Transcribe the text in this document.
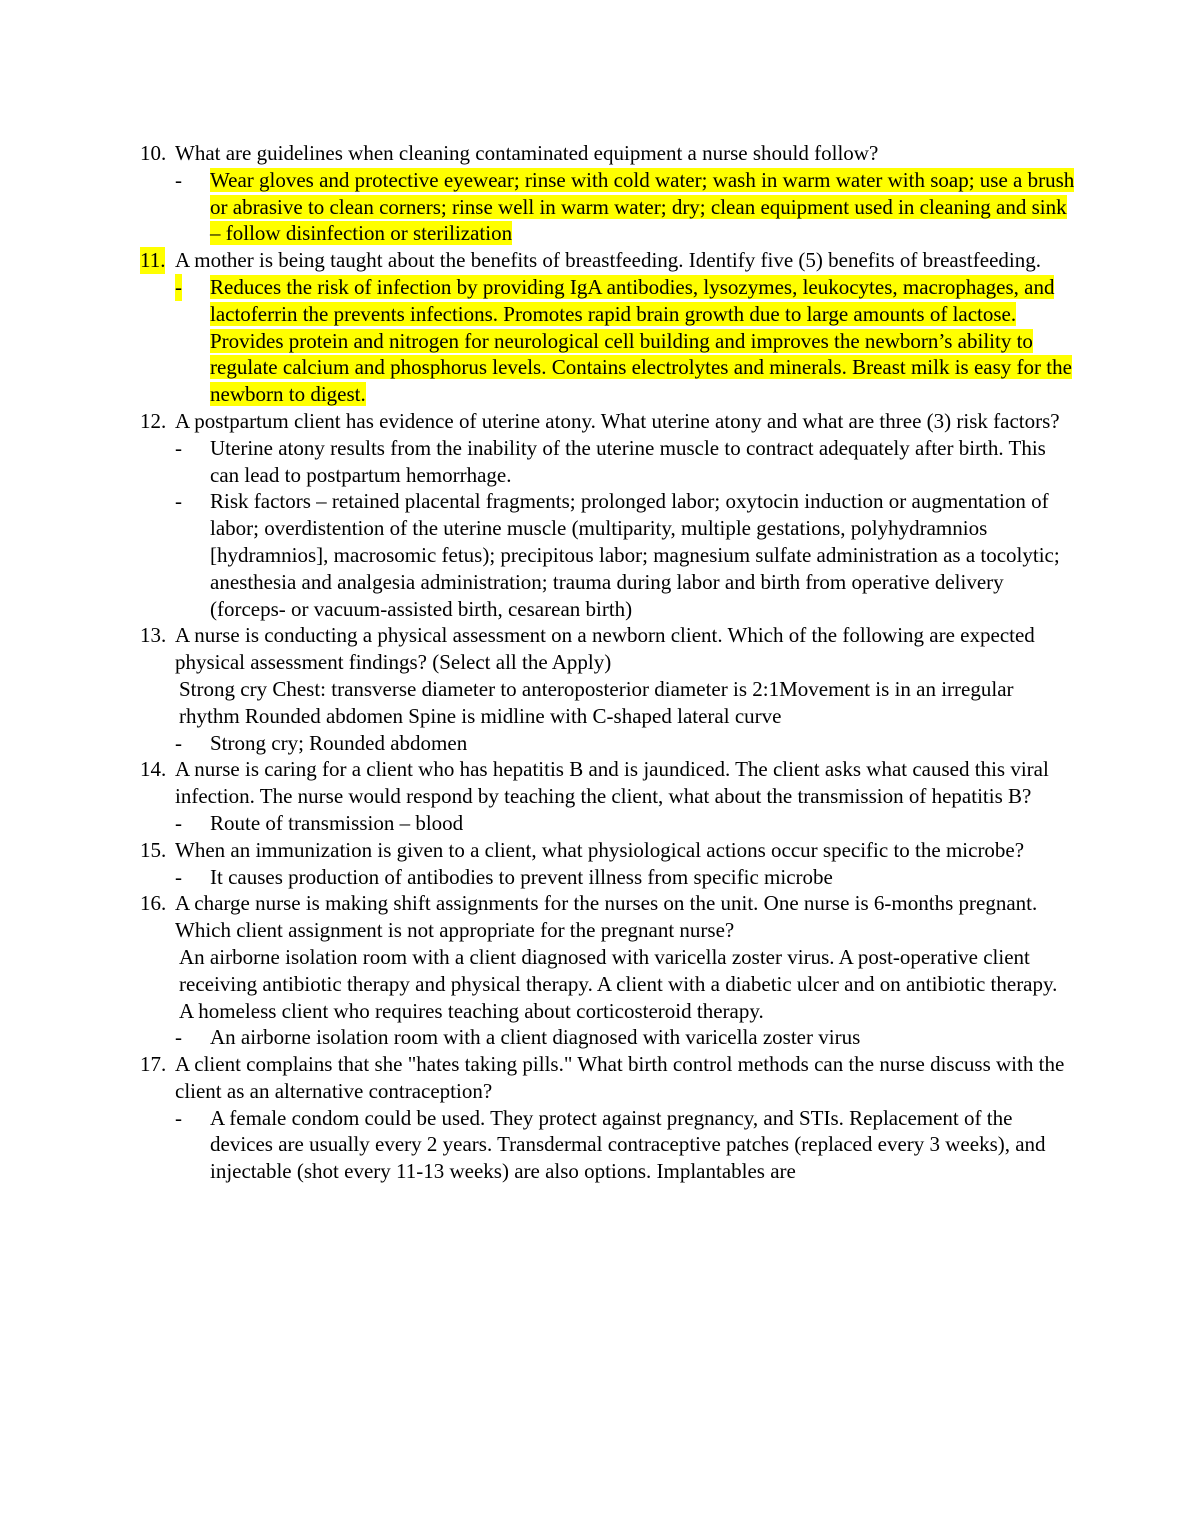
10. What are guidelines when cleaning contaminated equipment a nurse should follow?
- Wear gloves and protective eyewear; rinse with cold water; wash in warm water with soap; use a brush or abrasive to clean corners; rinse well in warm water; dry; clean equipment used in cleaning and sink – follow disinfection or sterilization
11. A mother is being taught about the benefits of breastfeeding. Identify five (5) benefits of breastfeeding.
- Reduces the risk of infection by providing IgA antibodies, lysozymes, leukocytes, macrophages, and lactoferrin the prevents infections. Promotes rapid brain growth due to large amounts of lactose. Provides protein and nitrogen for neurological cell building and improves the newborn’s ability to regulate calcium and phosphorus levels. Contains electrolytes and minerals. Breast milk is easy for the newborn to digest.
12. A postpartum client has evidence of uterine atony. What uterine atony and what are three (3) risk factors?
- Uterine atony results from the inability of the uterine muscle to contract adequately after birth. This can lead to postpartum hemorrhage.
- Risk factors – retained placental fragments; prolonged labor; oxytocin induction or augmentation of labor; overdistention of the uterine muscle (multiparity, multiple gestations, polyhydramnios [hydramnios], macrosomic fetus); precipitous labor; magnesium sulfate administration as a tocolytic; anesthesia and analgesia administration; trauma during labor and birth from operative delivery (forceps- or vacuum-assisted birth, cesarean birth)
13. A nurse is conducting a physical assessment on a newborn client. Which of the following are expected physical assessment findings? (Select all the Apply)
Strong cry Chest: transverse diameter to anteroposterior diameter is 2:1Movement is in an irregular rhythm Rounded abdomen Spine is midline with C-shaped lateral curve
- Strong cry; Rounded abdomen
14. A nurse is caring for a client who has hepatitis B and is jaundiced. The client asks what caused this viral infection. The nurse would respond by teaching the client, what about the transmission of hepatitis B?
- Route of transmission – blood
15. When an immunization is given to a client, what physiological actions occur specific to the microbe?
- It causes production of antibodies to prevent illness from specific microbe
16. A charge nurse is making shift assignments for the nurses on the unit. One nurse is 6-months pregnant. Which client assignment is not appropriate for the pregnant nurse?
An airborne isolation room with a client diagnosed with varicella zoster virus. A post-operative client receiving antibiotic therapy and physical therapy. A client with a diabetic ulcer and on antibiotic therapy. A homeless client who requires teaching about corticosteroid therapy.
- An airborne isolation room with a client diagnosed with varicella zoster virus
17. A client complains that she "hates taking pills." What birth control methods can the nurse discuss with the client as an alternative contraception?
- A female condom could be used. They protect against pregnancy, and STIs. Replacement of the devices are usually every 2 years. Transdermal contraceptive patches (replaced every 3 weeks), and injectable (shot every 11-13 weeks) are also options. Implantables are
